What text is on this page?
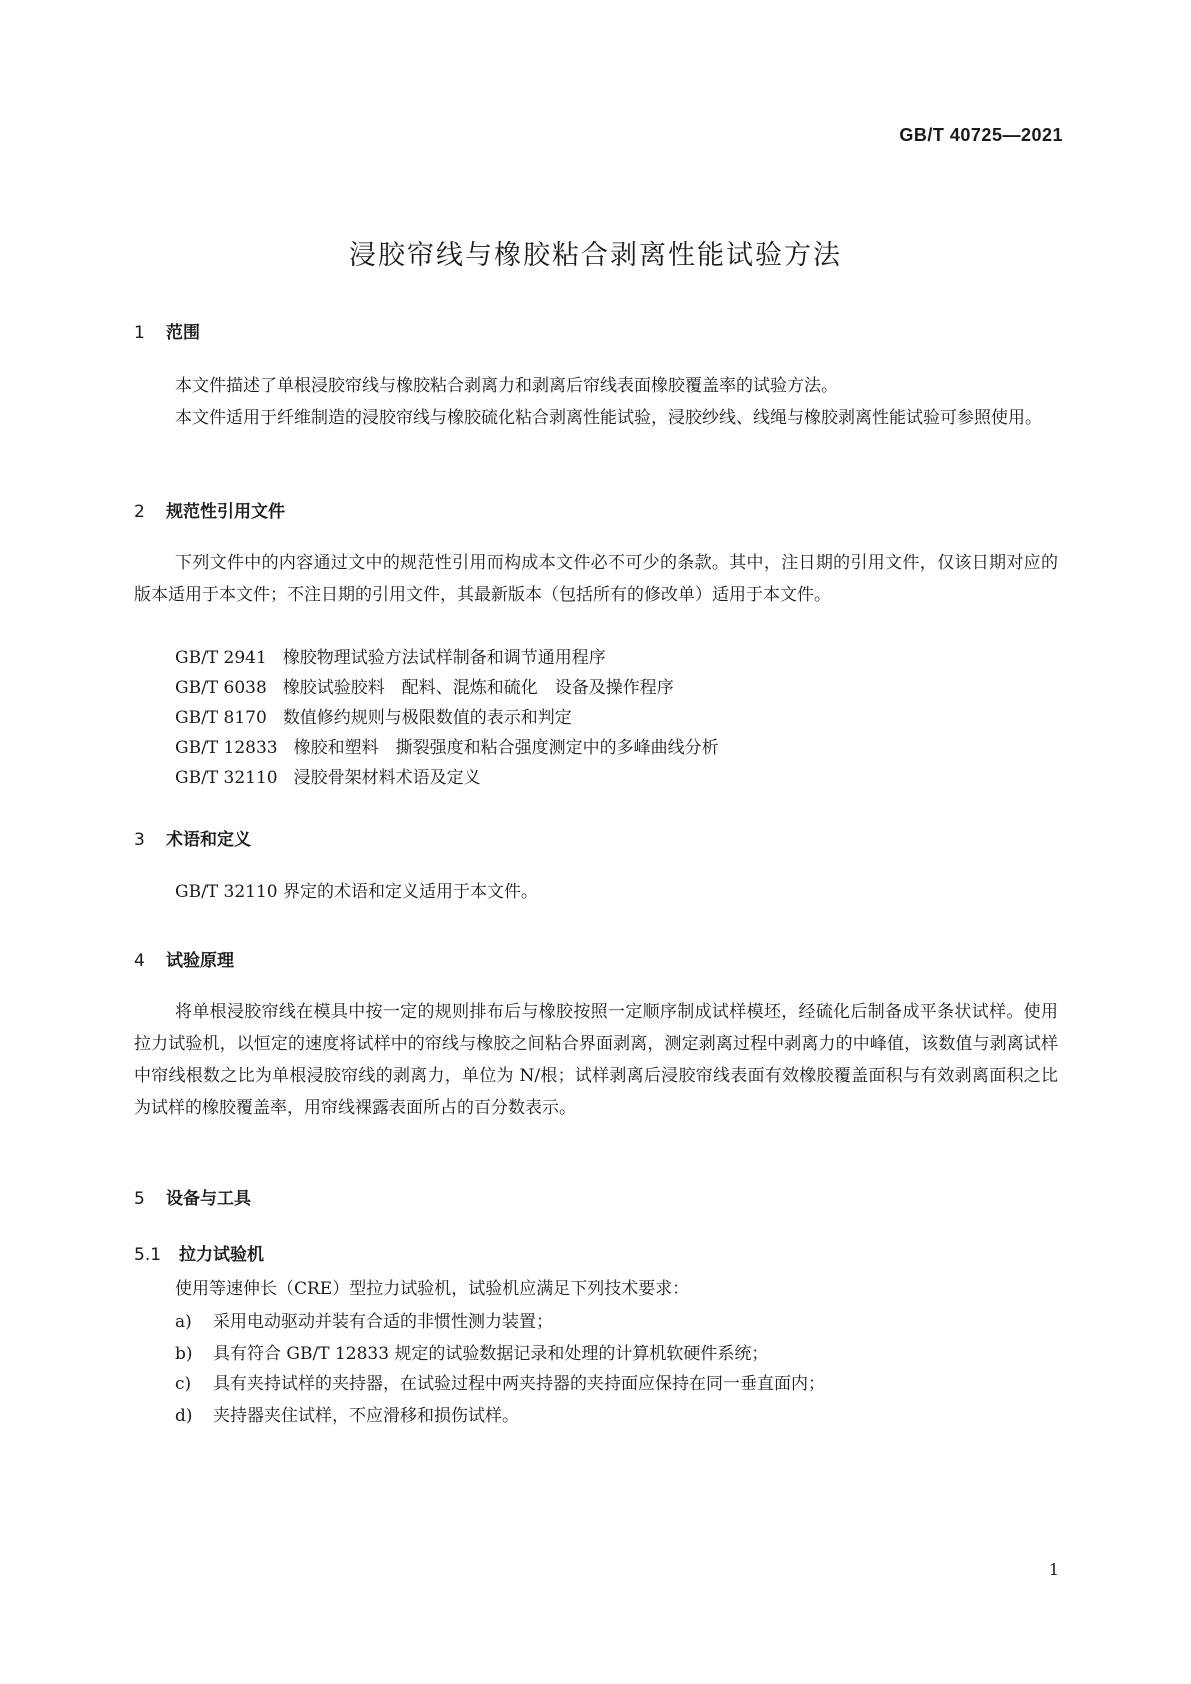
GB/T 40725—2021
浸胶帘线与橡胶粘合剥离性能试验方法
1 范围

本文件描述了单根浸胶帘线与橡胶粘合剥离力和剥离后帘线表面橡胶覆盖率的试验方法。

本文件适用于纤维制造的浸胶帘线与橡胶硫化粘合剥离性能试验，浸胶纱线、线绳与橡胶剥离性能试验可参照使用。

2 规范性引用文件

下列文件中的内容通过文中的规范性引用而构成本文件必不可少的条款。其中，注日期的引用文件，仅该日期对应的版本适用于本文件；不注日期的引用文件，其最新版本（包括所有的修改单）适用于本文件。

GB/T 2941 橡胶物理试验方法试样制备和调节通用程序
GB/T 6038 橡胶试验胶料　配料、混炼和硫化　设备及操作程序
GB/T 8170 数值修约规则与极限数值的表示和判定
GB/T 12833 橡胶和塑料　撕裂强度和粘合强度测定中的多峰曲线分析
GB/T 32110 浸胶骨架材料术语及定义
3 术语和定义
GB/T 32110 界定的术语和定义适用于本文件。
4 试验原理

将单根浸胶帘线在模具中按一定的规则排布后与橡胶按照一定顺序制成试样模坯，经硫化后制备成平条状试样。使用拉力试验机，以恒定的速度将试样中的帘线与橡胶之间粘合界面剥离，测定剥离过程中剥离力的中峰值，该数值与剥离试样中帘线根数之比为单根浸胶帘线的剥离力，单位为 N/根；试样剥离后浸胶帘线表面有效橡胶覆盖面积与有效剥离面积之比为试样的橡胶覆盖率，用帘线裸露表面所占的百分数表示。

5 设备与工具
5.1 拉力试验机
使用等速伸长（CRE）型拉力试验机，试验机应满足下列技术要求：
a) 采用电动驱动并装有合适的非惯性测力装置；
b) 具有符合 GB/T 12833 规定的试验数据记录和处理的计算机软硬件系统；
c) 具有夹持试样的夹持器，在试验过程中两夹持器的夹持面应保持在同一垂直面内；
d) 夹持器夹住试样，不应滑移和损伤试样。
1
